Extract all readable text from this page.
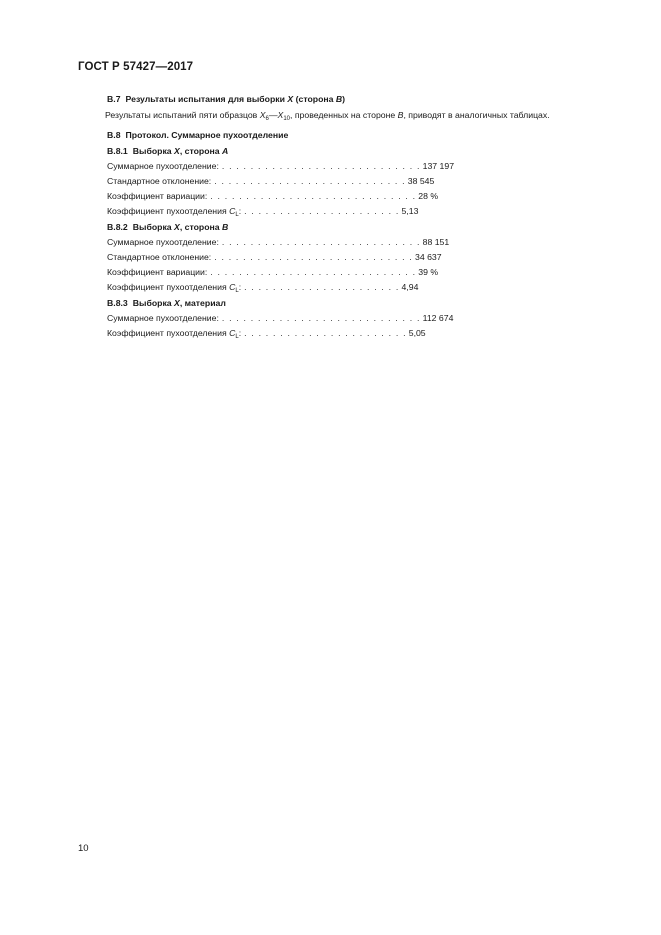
ГОСТ Р 57427—2017
В.7 Результаты испытания для выборки X (сторона B)
Результаты испытаний пяти образцов $X_6—X_{10}$, проведенных на стороне B, приводят в аналогичных таблицах.
В.8 Протокол. Суммарное пухоотделение
В.8.1 Выборка X, сторона A
Суммарное пухоотделение: . . . . . . . . . . . . . . . . . . . . . . . . . . . . 137 197
Стандартное отклонение: . . . . . . . . . . . . . . . . . . . . . . . . . . . 38 545
Коэффициент вариации: . . . . . . . . . . . . . . . . . . . . . . . . . . . . . 28 %
Коэффициент пухоотделения $C_L$: . . . . . . . . . . . . . . . . . . . . . . 5,13
В.8.2 Выборка X, сторона B
Суммарное пухоотделение: . . . . . . . . . . . . . . . . . . . . . . . . . . . . 88 151
Стандартное отклонение: . . . . . . . . . . . . . . . . . . . . . . . . . . . . 34 637
Коэффициент вариации: . . . . . . . . . . . . . . . . . . . . . . . . . . . . . 39 %
Коэффициент пухоотделения $C_L$: . . . . . . . . . . . . . . . . . . . . . . 4,94
В.8.3 Выборка X, материал
Суммарное пухоотделение: . . . . . . . . . . . . . . . . . . . . . . . . . . . . 112 674
Коэффициент пухоотделения $C_L$: . . . . . . . . . . . . . . . . . . . . . . . 5,05
10
